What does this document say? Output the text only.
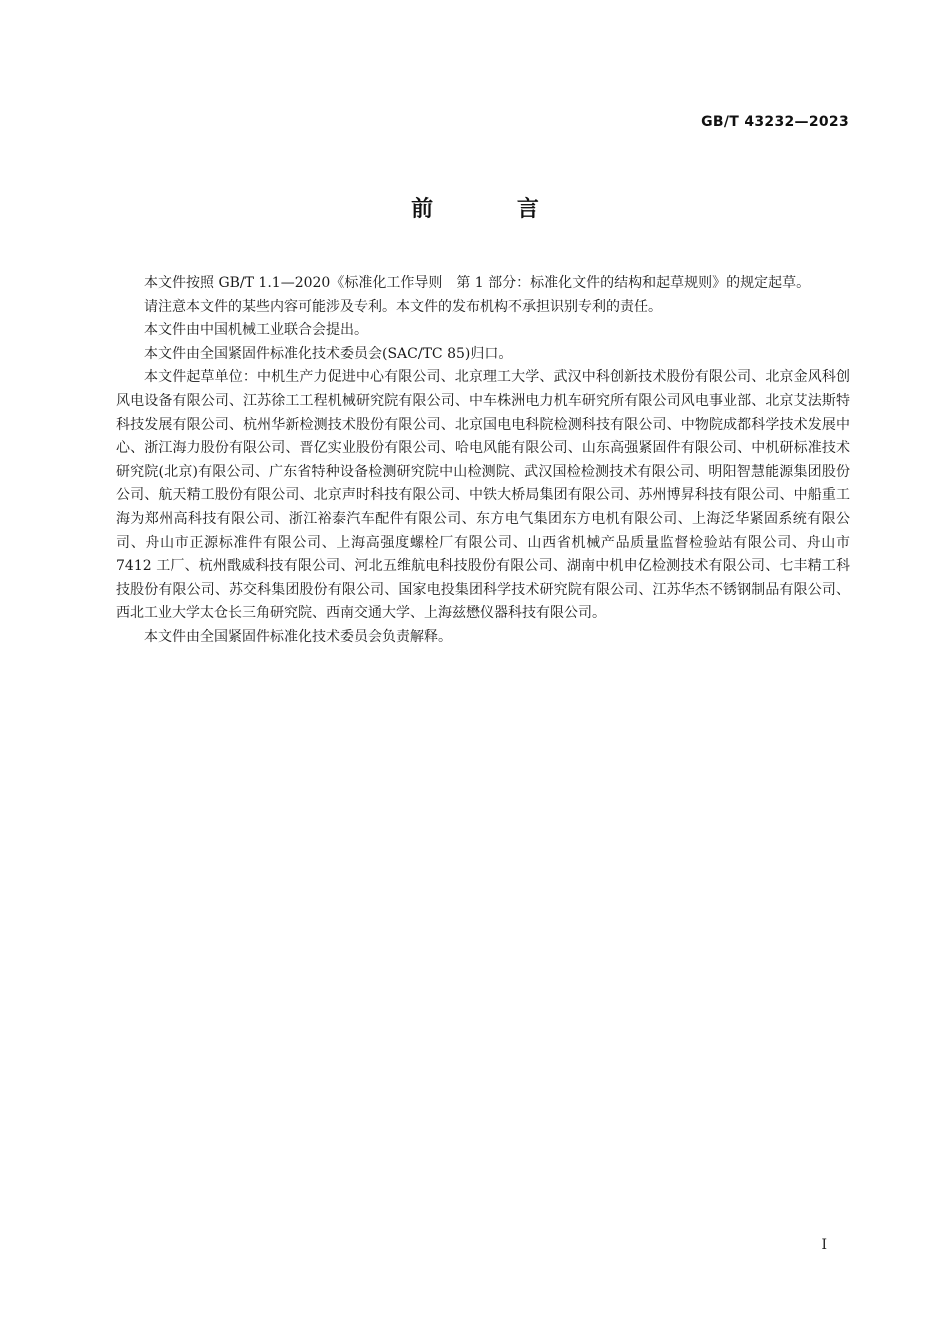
GB/T 43232—2023
前 言

本文件按照 GB/T 1.1—2020《标准化工作导则　第 1 部分：标准化文件的结构和起草规则》的规定起草。

请注意本文件的某些内容可能涉及专利。本文件的发布机构不承担识别专利的责任。

本文件由中国机械工业联合会提出。

本文件由全国紧固件标准化技术委员会(SAC/TC 85)归口。

本文件起草单位：中机生产力促进中心有限公司、北京理工大学、武汉中科创新技术股份有限公司、北京金风科创风电设备有限公司、江苏徐工工程机械研究院有限公司、中车株洲电力机车研究所有限公司风电事业部、北京艾法斯特科技发展有限公司、杭州华新检测技术股份有限公司、北京国电电科院检测科技有限公司、中物院成都科学技术发展中心、浙江海力股份有限公司、晋亿实业股份有限公司、哈电风能有限公司、山东高强紧固件有限公司、中机研标准技术研究院(北京)有限公司、广东省特种设备检测研究院中山检测院、武汉国检检测技术有限公司、明阳智慧能源集团股份公司、航天精工股份有限公司、北京声时科技有限公司、中铁大桥局集团有限公司、苏州博昇科技有限公司、中船重工海为郑州高科技有限公司、浙江裕泰汽车配件有限公司、东方电气集团东方电机有限公司、上海泛华紧固系统有限公司、舟山市正源标准件有限公司、上海高强度螺栓厂有限公司、山西省机械产品质量监督检验站有限公司、舟山市 7412 工厂、杭州戬威科技有限公司、河北五维航电科技股份有限公司、湖南中机申亿检测技术有限公司、七丰精工科技股份有限公司、苏交科集团股份有限公司、国家电投集团科学技术研究院有限公司、江苏华杰不锈钢制品有限公司、西北工业大学太仓长三角研究院、西南交通大学、上海兹懋仪器科技有限公司。

本文件由全国紧固件标准化技术委员会负责解释。

I
